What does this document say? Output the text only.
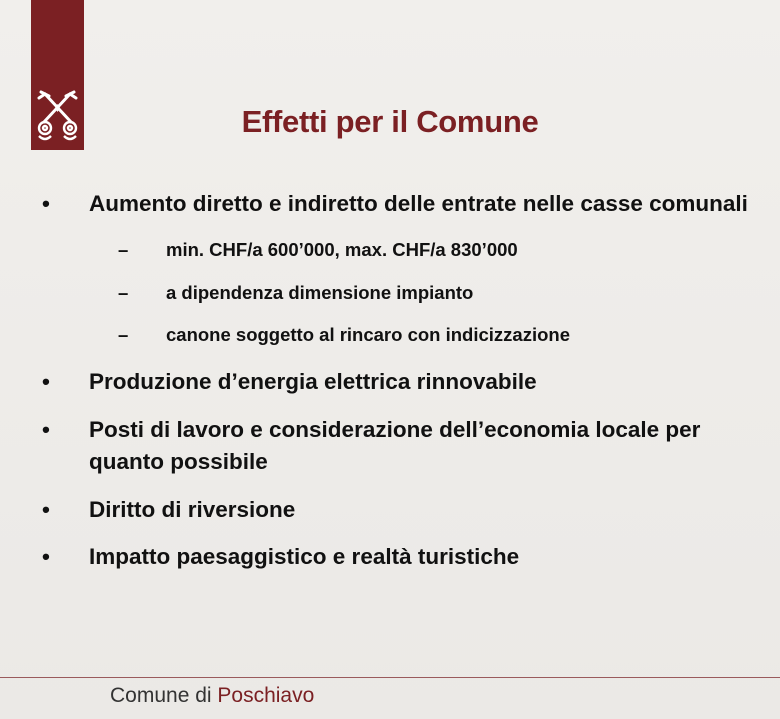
Effetti per il Comune
• Aumento diretto e indiretto delle entrate nelle casse comunali
– min. CHF/a 600’000, max. CHF/a 830’000
– a dipendenza dimensione impianto
– canone soggetto al rincaro con indicizzazione
• Produzione d’energia elettrica rinnovabile
• Posti di lavoro e considerazione dell’economia locale per quanto possibile
• Diritto di riversione
• Impatto paesaggistico e realtà turistiche
Comune di Poschiavo
